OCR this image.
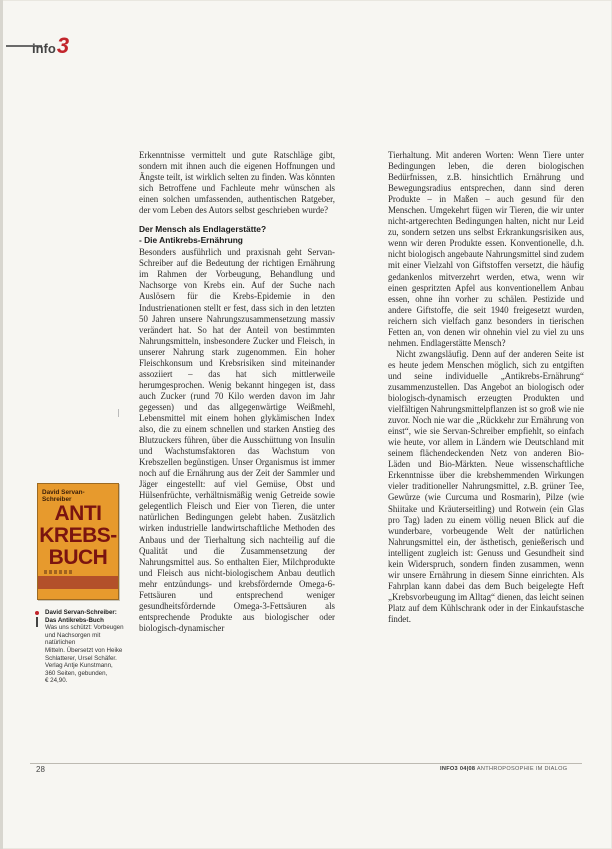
info 3

Erkenntnisse vermittelt und gute Ratschläge gibt, sondern mit ihnen auch die eigenen Hoffnungen und Ängste teilt, ist wirklich selten zu finden. Was könnten sich Betroffene und Fachleute mehr wünschen als einen solchen umfassenden, authentischen Ratgeber, der vom Leben des Autors selbst geschrieben wurde?

Der Mensch als Endlagerstätte?
- Die Antikrebs-Ernährung

Besonders ausführlich und praxisnah geht Servan-Schreiber auf die Bedeutung der richtigen Ernährung im Rahmen der Vorbeugung, Behandlung und Nachsorge von Krebs ein. Auf der Suche nach Auslösern für die Krebs-Epidemie in den Industrienationen stellt er fest, dass sich in den letzten 50 Jahren unsere Nahrungszusammensetzung massiv verändert hat. So hat der Anteil von bestimmten Nahrungsmitteln, insbesondere Zucker und Fleisch, in unserer Nahrung stark zugenommen. Ein hoher Fleischkonsum und Krebsrisiken sind miteinander assoziiert – das hat sich mittlerweile herumgesprochen. Wenig bekannt hingegen ist, dass auch Zucker (rund 70 Kilo werden davon im Jahr gegessen) und das allgegenwärtige Weißmehl, Lebensmittel mit einem hohen glykämischen Index also, die zu einem schnellen und starken Anstieg des Blutzuckers führen, über die Ausschüttung von Insulin und Wachstumsfaktoren das Wachstum von Krebszellen begünstigen. Unser Organismus ist immer noch auf die Ernährung aus der Zeit der Sammler und Jäger eingestellt: auf viel Gemüse, Obst und Hülsenfrüchte, verhältnismäßig wenig Getreide sowie gelegentlich Fleisch und Eier von Tieren, die unter natürlichen Bedingungen gelebt haben. Zusätzlich wirken industrielle landwirtschaftliche Methoden des Anbaus und der Tierhaltung sich nachteilig auf die Qualität und die Zusammensetzung der Nahrungsmittel aus. So enthalten Eier, Milchprodukte und Fleisch aus nicht-biologischem Anbau deutlich mehr entzündungs- und krebsfördernde Omega-6-Fettsäuren und entsprechend weniger gesundheitsfördernde Omega-3-Fettsäuren als entsprechende Produkte aus biologischer oder biologisch-dynamischer

Tierhaltung. Mit anderen Worten: Wenn Tiere unter Bedingungen leben, die deren biologischen Bedürfnissen, z.B. hinsichtlich Ernährung und Bewegungsradius entsprechen, dann sind deren Produkte – in Maßen – auch gesund für den Menschen. Umgekehrt fügen wir Tieren, die wir unter nicht-artgerechten Bedingungen halten, nicht nur Leid zu, sondern setzen uns selbst Erkrankungsrisiken aus, wenn wir deren Produkte essen. Konventionelle, d.h. nicht biologisch angebaute Nahrungsmittel sind zudem mit einer Vielzahl von Giftstoffen versetzt, die häufig gedankenlos mitverzehrt werden, etwa, wenn wir einen gespritzten Apfel aus konventionellem Anbau essen, ohne ihn vorher zu schälen. Pestizide und andere Giftstoffe, die seit 1940 freigesetzt wurden, reichern sich vielfach ganz besonders in tierischen Fetten an, von denen wir ohnehin viel zu viel zu uns nehmen. Endlagerstätte Mensch?

Nicht zwangsläufig. Denn auf der anderen Seite ist es heute jedem Menschen möglich, sich zu entgiften und seine individuelle „Antikrebs-Ernährung“ zusammenzustellen. Das Angebot an biologisch oder biologisch-dynamisch erzeugten Produkten und vielfältigen Nahrungsmittelpflanzen ist so groß wie nie zuvor. Noch nie war die „Rückkehr zur Ernährung von einst“, wie sie Servan-Schreiber empfiehlt, so einfach wie heute, vor allem in Ländern wie Deutschland mit seinem flächendeckenden Netz von anderen Bio-Läden und Bio-Märkten. Neue wissenschaftliche Erkenntnisse über die krebshemmenden Wirkungen vieler traditioneller Nahrungsmittel, z.B. grüner Tee, Gewürze (wie Curcuma und Rosmarin), Pilze (wie Shiitake und Kräuterseitling) und Rotwein (ein Glas pro Tag) laden zu einem völlig neuen Blick auf die wunderbare, vorbeugende Welt der natürlichen Nahrungsmittel ein, der ästhetisch, genießerisch und intelligent zugleich ist: Genuss und Gesundheit sind kein Widerspruch, sondern finden zusammen, wenn wir unsere Ernährung in diesem Sinne einrichten. Als Fahrplan kann dabei das dem Buch beigelegte Heft „Krebsvorbeugung im Alltag“ dienen, das leicht seinen Platz auf dem Kühlschrank oder in der Einkaufstasche findet.

David Servan-Schreiber
ANTI
KREBS-
BUCH
David Servan-Schreiber:
Das Antikrebs-Buch
Was uns schützt: Vorbeugen und Nachsorgen mit natürlichen
Mitteln. Übersetzt von Heike Schlatterer, Ursel Schäfer.
Verlag Antje Kunstmann,
360 Seiten, gebunden,
€ 24,90.
28	INFO3 04|08 ANTHROPOSOPHIE IM DIALOG
